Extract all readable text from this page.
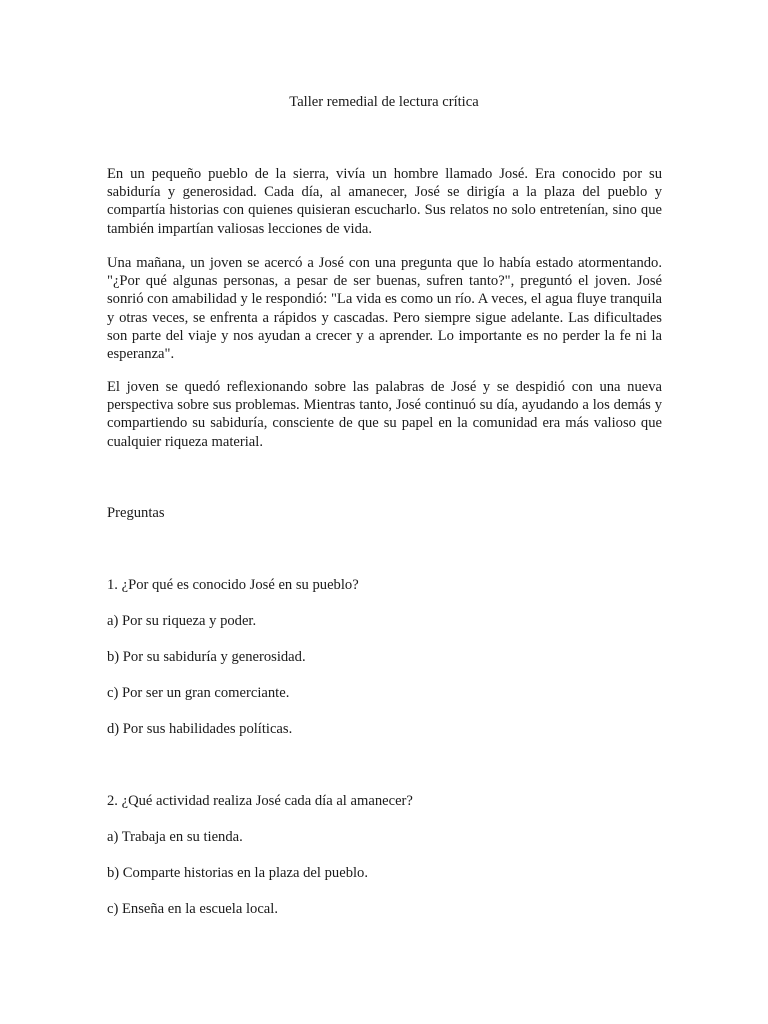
Taller remedial de lectura crítica

En un pequeño pueblo de la sierra, vivía un hombre llamado José. Era conocido por su sabiduría y generosidad. Cada día, al amanecer, José se dirigía a la plaza del pueblo y compartía historias con quienes quisieran escucharlo. Sus relatos no solo entretenían, sino que también impartían valiosas lecciones de vida.

Una mañana, un joven se acercó a José con una pregunta que lo había estado atormentando. "¿Por qué algunas personas, a pesar de ser buenas, sufren tanto?", preguntó el joven. José sonrió con amabilidad y le respondió: "La vida es como un río. A veces, el agua fluye tranquila y otras veces, se enfrenta a rápidos y cascadas. Pero siempre sigue adelante. Las dificultades son parte del viaje y nos ayudan a crecer y a aprender. Lo importante es no perder la fe ni la esperanza".

El joven se quedó reflexionando sobre las palabras de José y se despidió con una nueva perspectiva sobre sus problemas. Mientras tanto, José continuó su día, ayudando a los demás y compartiendo su sabiduría, consciente de que su papel en la comunidad era más valioso que cualquier riqueza material.

Preguntas
1. ¿Por qué es conocido José en su pueblo?
a) Por su riqueza y poder.
b) Por su sabiduría y generosidad.
c) Por ser un gran comerciante.
d) Por sus habilidades políticas.
2. ¿Qué actividad realiza José cada día al amanecer?
a) Trabaja en su tienda.
b) Comparte historias en la plaza del pueblo.
c) Enseña en la escuela local.
